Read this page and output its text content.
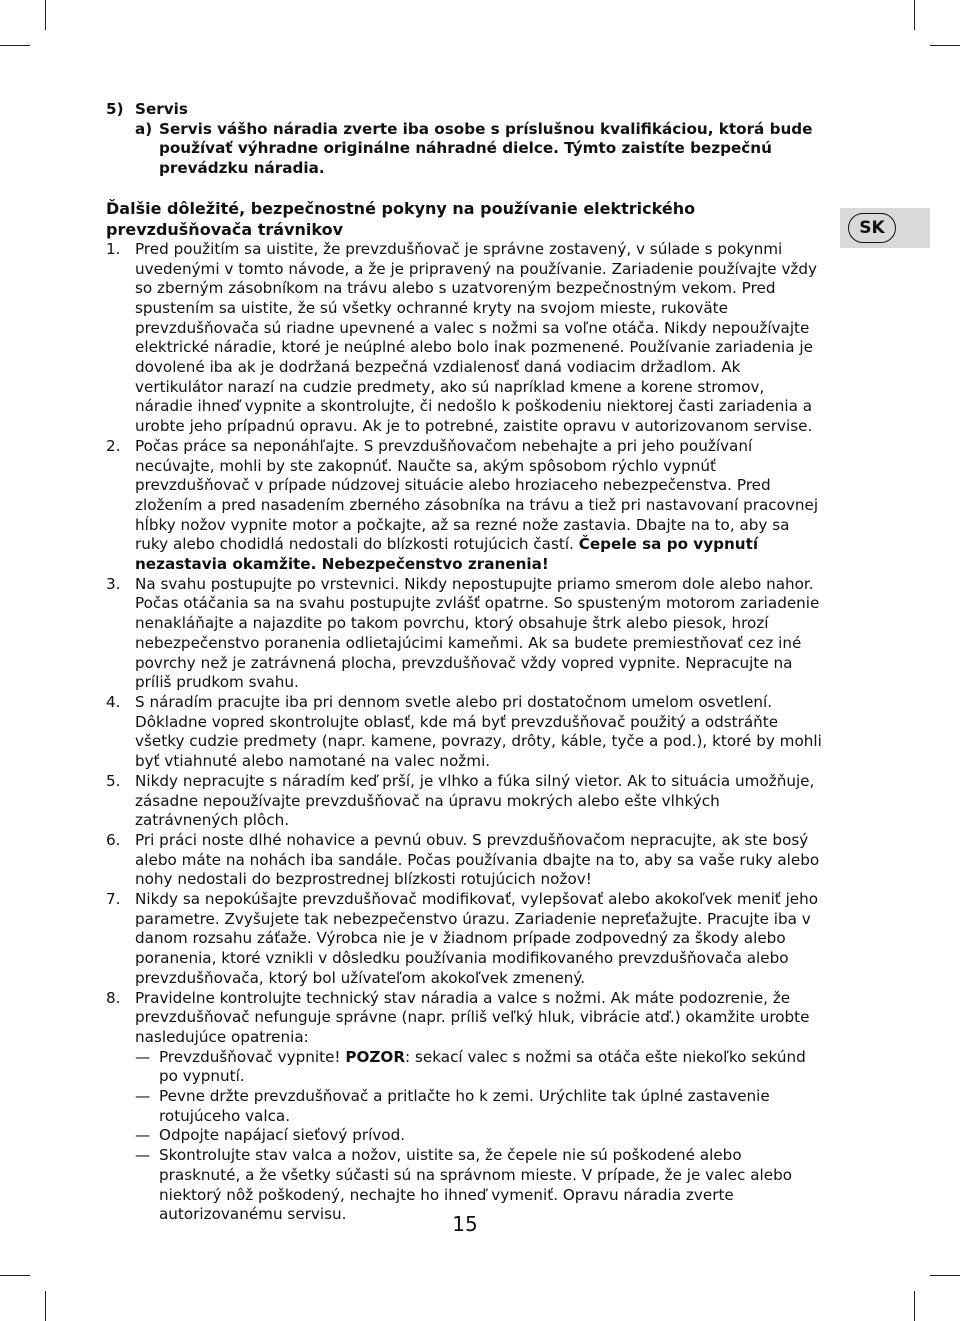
SK
5) Servis
a) Servis vášho náradia zverte iba osobe s príslušnou kvalifikáciou, ktorá bude používať výhradne originálne náhradné dielce. Týmto zaistíte bezpečnú prevádzku náradia.
Ďalšie dôležité, bezpečnostné pokyny na používanie elektrického prevzdušňovača trávnikov
1. Pred použitím sa uistite, že prevzdušňovač je správne zostavený, v súlade s pokynmi uvedenými v tomto návode, a že je pripravený na používanie. Zariadenie používajte vždy so zberným zásobníkom na trávu alebo s uzatvoreným bezpečnostným vekom. Pred spustením sa uistite, že sú všetky ochranné kryty na svojom mieste, rukoväte prevzdušňovača sú riadne upevnené a valec s nožmi sa voľne otáča. Nikdy nepoužívajte elektrické náradie, ktoré je neúplné alebo bolo inak pozmenené. Používanie zariadenia je dovolené iba ak je dodržaná bezpečná vzdialenosť daná vodiacim držadlom. Ak vertikulátor narazí na cudzie predmety, ako sú napríklad kmene a korene stromov, náradie ihneď vypnite a skontrolujte, či nedošlo k poškodeniu niektorej časti zariadenia a urobte jeho prípadnú opravu. Ak je to potrebné, zaistite opravu v autorizovanom servise.
2. Počas práce sa neponáhľajte. S prevzdušňovačom nebehajte a pri jeho používaní necúvajte, mohli by ste zakopnúť. Naučte sa, akým spôsobom rýchlo vypnúť prevzdušňovač v prípade núdzovej situácie alebo hroziaceho nebezpečenstva. Pred zložením a pred nasadením zberného zásobníka na trávu a tiež pri nastavovaní pracovnej hĺbky nožov vypnite motor a počkajte, až sa rezné nože zastavia. Dbajte na to, aby sa ruky alebo chodidlá nedostali do blízkosti rotujúcich častí. Čepele sa po vypnutí nezastavia okamžite. Nebezpečenstvo zranenia!
3. Na svahu postupujte po vrstevnici. Nikdy nepostupujte priamo smerom dole alebo nahor. Počas otáčania sa na svahu postupujte zvlášť opatrne. So spusteným motorom zariadenie nenakláňajte a najazdite po takom povrchu, ktorý obsahuje štrk alebo piesok, hrozí nebezpečenstvo poranenia odlietajúcimi kameňmi. Ak sa budete premiestňovať cez iné povrchy než je zatrávnená plocha, prevzdušňovač vždy vopred vypnite. Nepracujte na príliš prudkom svahu.
4. S náradím pracujte iba pri dennom svetle alebo pri dostatočnom umelom osvetlení. Dôkladne vopred skontrolujte oblasť, kde má byť prevzdušňovač použitý a odstráňte všetky cudzie predmety (napr. kamene, povrazy, drôty, káble, tyče a pod.), ktoré by mohli byť vtiahnuté alebo namotané na valec nožmi.
5. Nikdy nepracujte s náradím keď prší, je vlhko a fúka silný vietor. Ak to situácia umožňuje, zásadne nepoužívajte prevzdušňovač na úpravu mokrých alebo ešte vlhkých zatrávnených plôch.
6. Pri práci noste dlhé nohavice a pevnú obuv. S prevzdušňovačom nepracujte, ak ste bosý alebo máte na nohách iba sandále. Počas používania dbajte na to, aby sa vaše ruky alebo nohy nedostali do bezprostrednej blízkosti rotujúcich nožov!
7. Nikdy sa nepokúšajte prevzdušňovač modifikovať, vylepšovať alebo akokoľvek meniť jeho parametre. Zvyšujete tak nebezpečenstvo úrazu. Zariadenie nepreťažujte. Pracujte iba v danom rozsahu záťaže. Výrobca nie je v žiadnom prípade zodpovedný za škody alebo poranenia, ktoré vznikli v dôsledku používania modifikovaného prevzdušňovača alebo prevzdušňovača, ktorý bol užívateľom akokoľvek zmenený.
8. Pravidelne kontrolujte technický stav náradia a valce s nožmi. Ak máte podozrenie, že prevzdušňovač nefunguje správne (napr. príliš veľký hluk, vibrácie atď.) okamžite urobte nasledujúce opatrenia:
— Prevzdušňovač vypnite! POZOR: sekací valec s nožmi sa otáča ešte niekoľko sekúnd po vypnutí.
— Pevne držte prevzdušňovač a pritlačte ho k zemi. Urýchlite tak úplné zastavenie rotujúceho valca.
— Odpojte napájací sieťový prívod.
— Skontrolujte stav valca a nožov, uistite sa, že čepele nie sú poškodené alebo prasknuté, a že všetky súčasti sú na správnom mieste. V prípade, že je valec alebo niektorý nôž poškodený, nechajte ho ihneď vymeniť. Opravu náradia zverte autorizovanému servisu.	15
